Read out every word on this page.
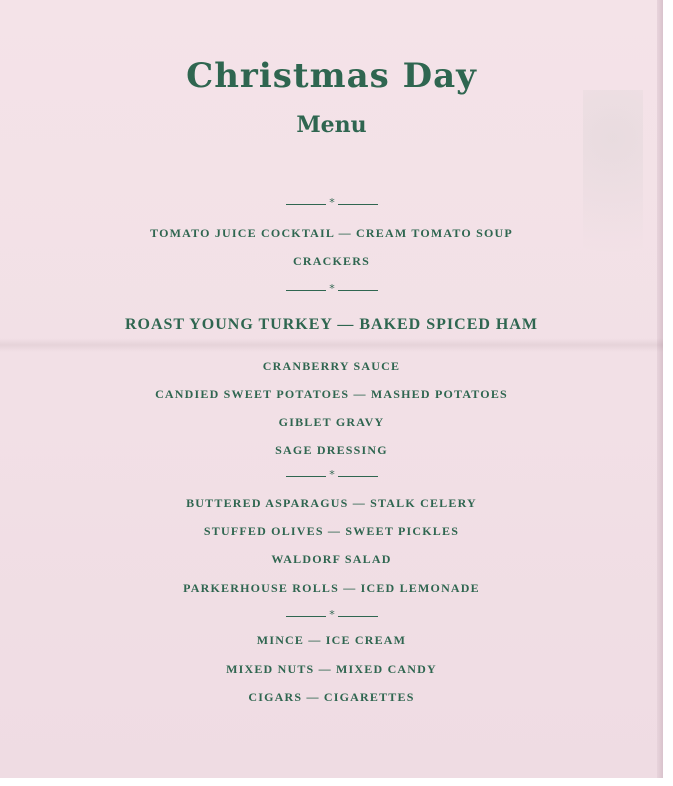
Christmas Day
Menu
*
TOMATO JUICE COCKTAIL — CREAM TOMATO SOUP
CRACKERS
*
ROAST YOUNG TURKEY — BAKED SPICED HAM
CRANBERRY SAUCE
CANDIED SWEET POTATOES — MASHED POTATOES
GIBLET GRAVY
SAGE DRESSING
*
BUTTERED ASPARAGUS — STALK CELERY
STUFFED OLIVES — SWEET PICKLES
WALDORF SALAD
PARKERHOUSE ROLLS — ICED LEMONADE
*
MINCE — ICE CREAM
MIXED NUTS — MIXED CANDY
CIGARS — CIGARETTES
